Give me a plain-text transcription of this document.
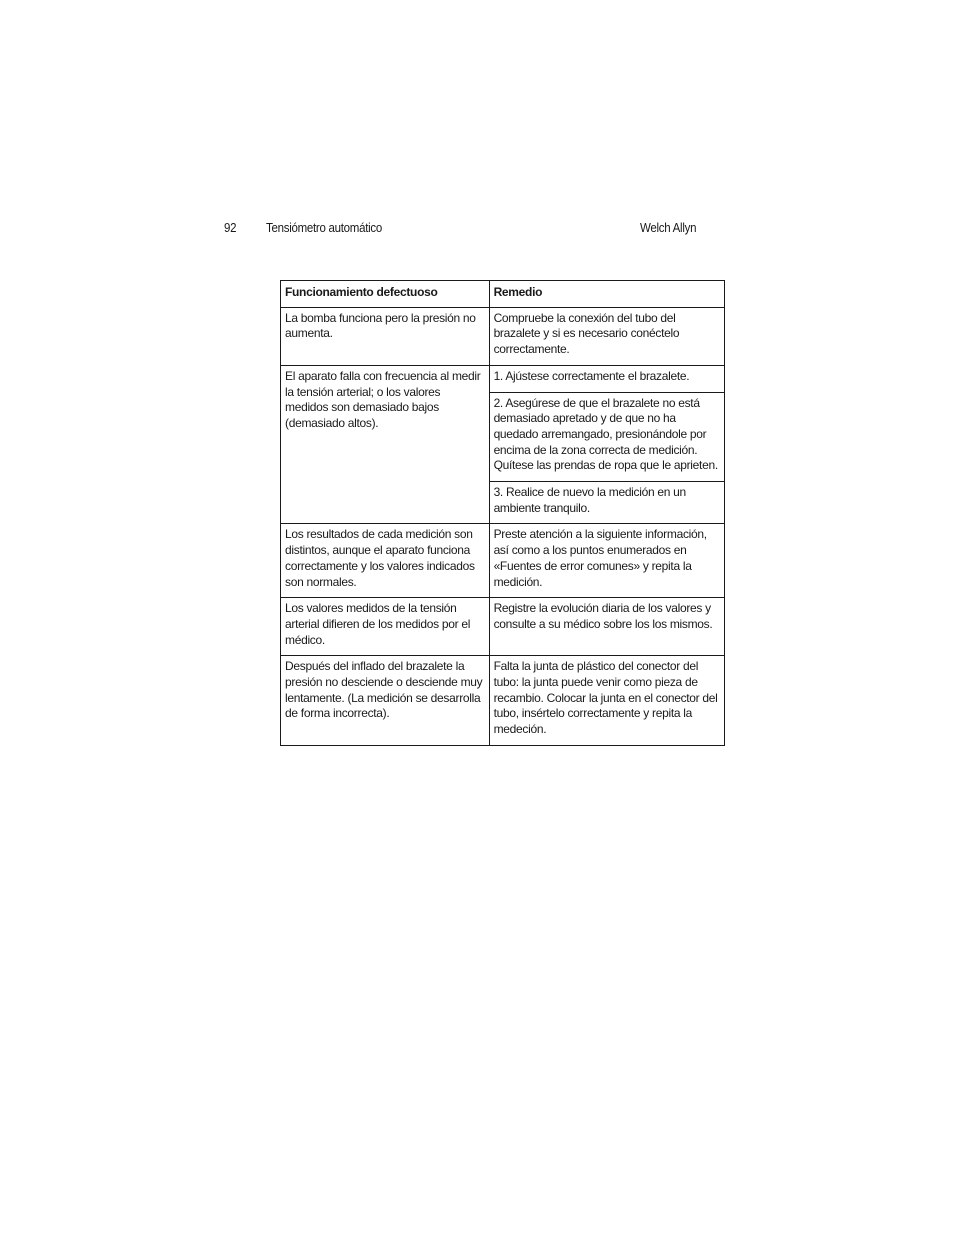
92 Tensiómetro automático	Welch Allyn
Funcionamiento defectuoso	Remedio
La bomba funciona pero la presión no aumenta.	Compruebe la conexión del tubo del brazalete y si es necesario conéctelo correctamente.
El aparato falla con frecuencia al medir la tensión arterial; o los valores medidos son demasiado bajos (demasiado altos).	1. Ajústese correctamente el brazalete.

	2. Asegúrese de que el brazalete no está demasiado apretado y de que no ha quedado arremangado, presionándole por encima de la zona correcta de medición.
Quítese las prendas de ropa que le aprieten.

	3. Realice de nuevo la medición en un ambiente tranquilo.
Los resultados de cada medición son distintos, aunque el aparato funciona correctamente y los valores indicados son normales.	Preste atención a la siguiente información, así como a los puntos enumerados en «Fuentes de error comunes» y repita la medición.
Los valores medidos de la tensión arterial difieren de los medidos por el médico.	Registre la evolución diaria de los valores y consulte a su médico sobre los los mismos.
Después del inflado del brazalete la presión no desciende o desciende muy lentamente. (La medición se desarrolla de forma incorrecta).	Falta la junta de plástico del conector del tubo: la junta puede venir como pieza de recambio. Colocar la junta en el conector del tubo, insértelo correctamente y repita la medeción.
